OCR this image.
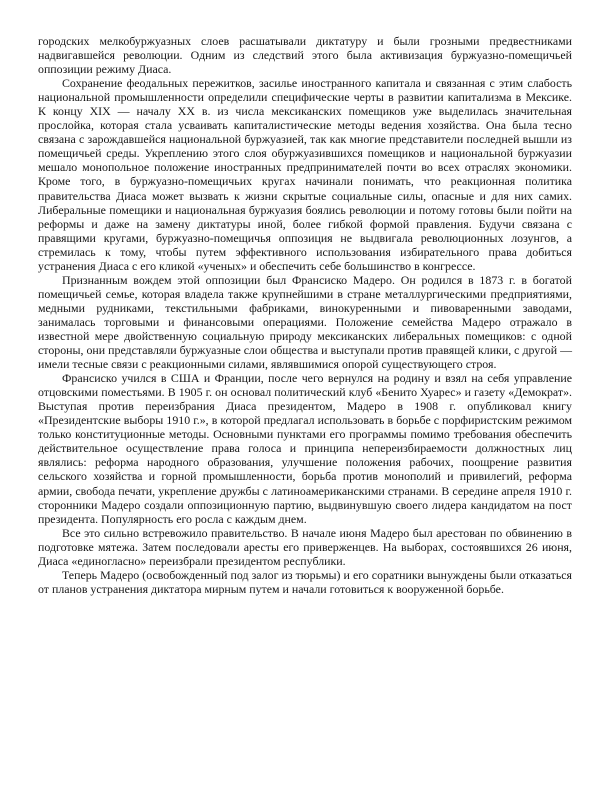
городских мелкобуржуазных слоев расшатывали диктатуру и были грозными предвестниками надвигавшейся революции. Одним из следствий этого была активизация буржуазно-помещичьей оппозиции режиму Диаса.

Сохранение феодальных пережитков, засилье иностранного капитала и связанная с этим слабость национальной промышленности определили специфические черты в развитии капитализма в Мексике. К концу XIX — началу XX в. из числа мексиканских помещиков уже выделилась значительная прослойка, которая стала усваивать капиталистические методы ведения хозяйства. Она была тесно связана с зарождавшейся национальной буржуазией, так как многие представители последней вышли из помещичьей среды. Укреплению этого слоя обуржуазившихся помещиков и национальной буржуазии мешало монопольное положение иностранных предпринимателей почти во всех отраслях экономики. Кроме того, в буржуазно-помещичьих кругах начинали понимать, что реакционная политика правительства Диаса может вызвать к жизни скрытые социальные силы, опасные и для них самих. Либеральные помещики и национальная буржуазия боялись революции и потому готовы были пойти на реформы и даже на замену диктатуры иной, более гибкой формой правления. Будучи связана с правящими кругами, буржуазно-помещичья оппозиция не выдвигала революционных лозунгов, а стремилась к тому, чтобы путем эффективного использования избирательного права добиться устранения Диаса с его кликой «ученых» и обеспечить себе большинство в конгрессе.

Признанным вождем этой оппозиции был Франсиско Мадеро. Он родился в 1873 г. в богатой помещичьей семье, которая владела также крупнейшими в стране металлургическими предприятиями, медными рудниками, текстильными фабриками, винокуренными и пивоваренными заводами, занималась торговыми и финансовыми операциями. Положение семейства Мадеро отражало в известной мере двойственную социальную природу мексиканских либеральных помещиков: с одной стороны, они представляли буржуазные слои общества и выступали против правящей клики, с другой — имели тесные связи с реакционными силами, являвшимися опорой существующего строя.

Франсиско учился в США и Франции, после чего вернулся на родину и взял на себя управление отцовскими поместьями. В 1905 г. он основал политический клуб «Бенито Хуарес» и газету «Демократ». Выступая против переизбрания Диаса президентом, Мадеро в 1908 г. опубликовал книгу «Президентские выборы 1910 г.», в которой предлагал использовать в борьбе с порфиристским режимом только конституционные методы. Основными пунктами его программы помимо требования обеспечить действительное осуществление права голоса и принципа непереизбираемости должностных лиц являлись: реформа народного образования, улучшение положения рабочих, поощрение развития сельского хозяйства и горной промышленности, борьба против монополий и привилегий, реформа армии, свобода печати, укрепление дружбы с латиноамериканскими странами. В середине апреля 1910 г. сторонники Мадеро создали оппозиционную партию, выдвинувшую своего лидера кандидатом на пост президента. Популярность его росла с каждым днем.

Все это сильно встревожило правительство. В начале июня Мадеро был арестован по обвинению в подготовке мятежа. Затем последовали аресты его приверженцев. На выборах, состоявшихся 26 июня, Диаса «единогласно» переизбрали президентом республики.

Теперь Мадеро (освобожденный под залог из тюрьмы) и его соратники вынуждены были отказаться от планов устранения диктатора мирным путем и начали готовиться к вооруженной борьбе.
